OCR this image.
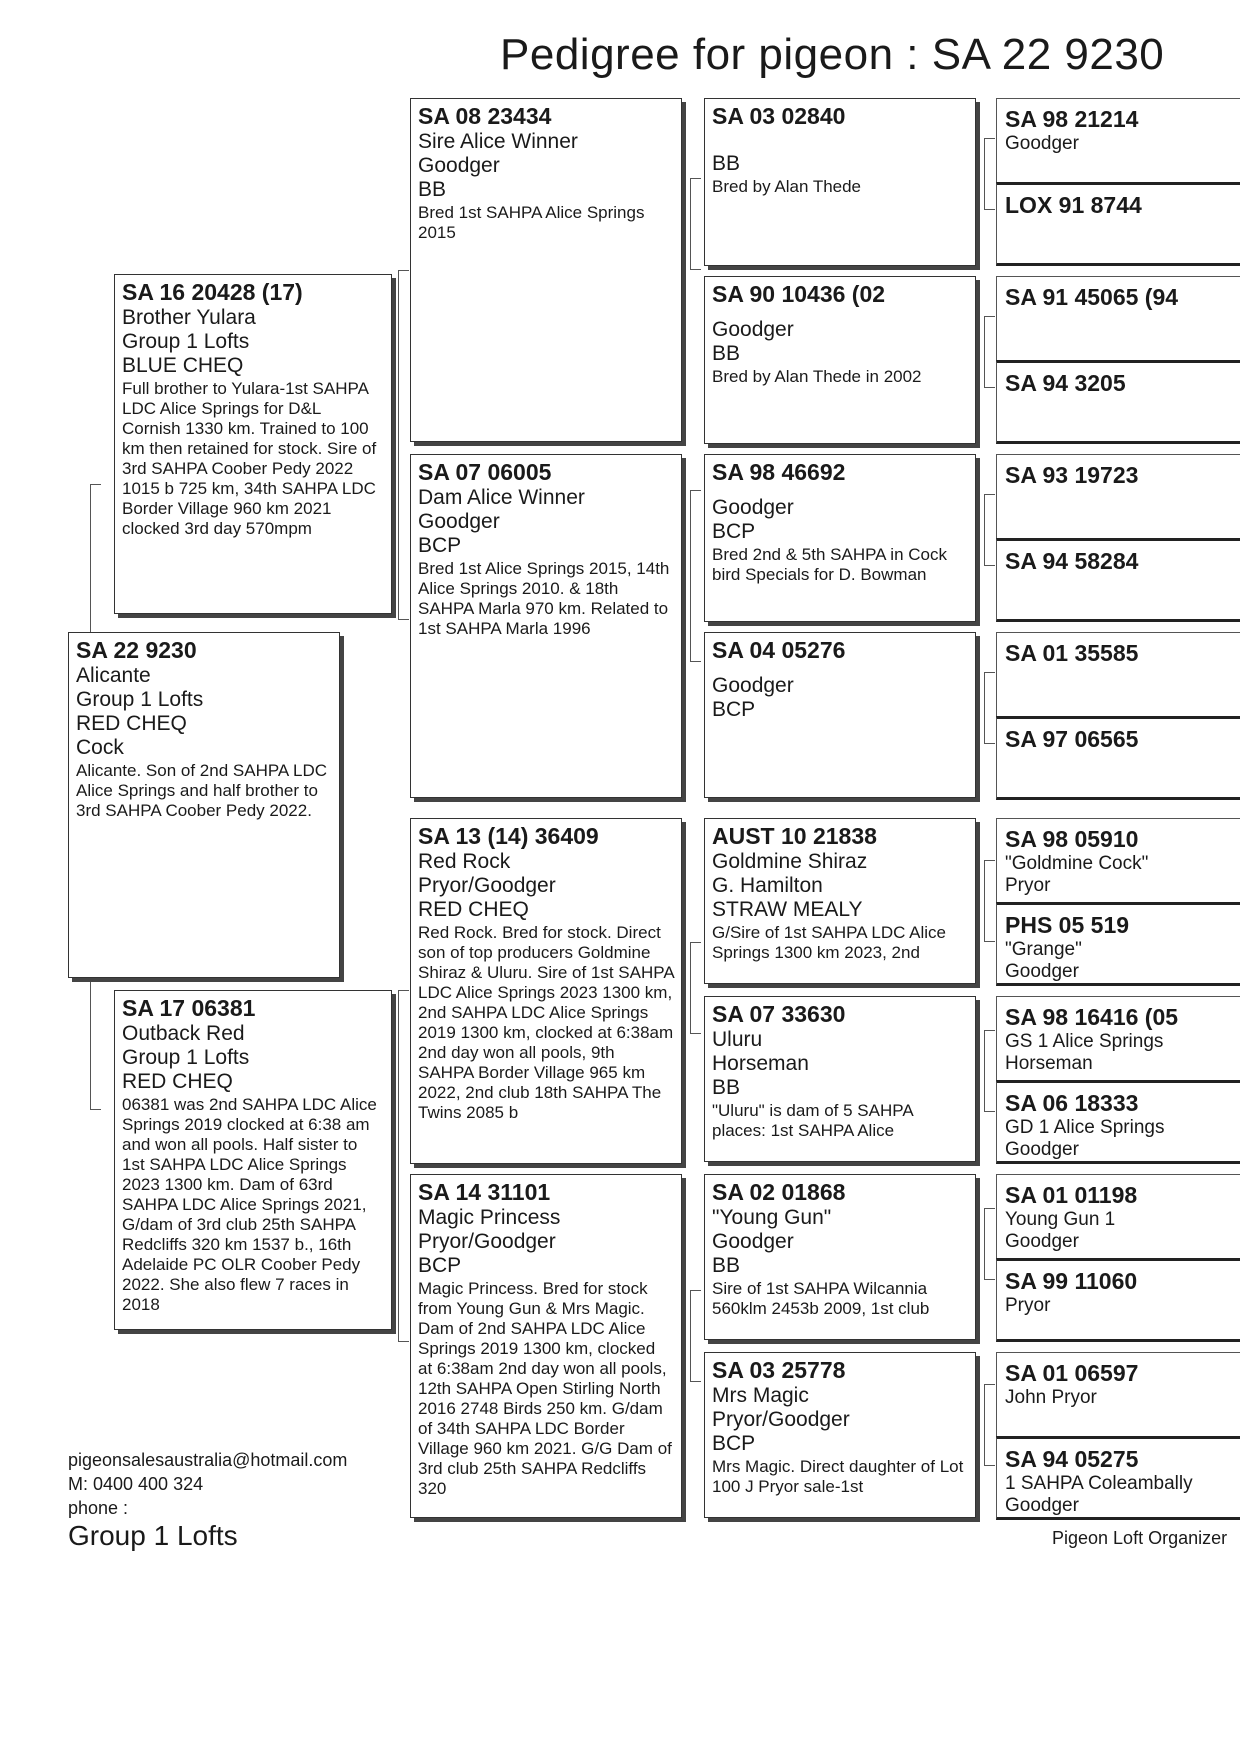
Pedigree for pigeon : SA 22 9230
SA 22 9230
Alicante
Group 1 Lofts
RED CHEQ
Cock
Alicante. Son of 2nd SAHPA LDC Alice Springs and half brother to 3rd SAHPA Coober Pedy 2022.
SA 16 20428 (17)
Brother Yulara
Group 1 Lofts
BLUE CHEQ
Full brother to Yulara-1st SAHPA LDC Alice Springs for D&L Cornish 1330 km. Trained to 100 km then retained for stock. Sire of 3rd SAHPA Coober Pedy 2022 1015 b 725 km, 34th SAHPA LDC Border Village 960 km 2021 clocked 3rd day 570mpm
SA 17 06381
Outback Red
Group 1 Lofts
RED CHEQ
06381 was 2nd SAHPA LDC Alice Springs 2019 clocked at 6:38 am and won all pools. Half sister to 1st SAHPA LDC Alice Springs 2023 1300 km. Dam of 63rd SAHPA LDC Alice Springs 2021, G/dam of 3rd club 25th SAHPA Redcliffs 320 km 1537 b., 16th Adelaide PC OLR Coober Pedy 2022. She also flew 7 races in 2018
SA 08 23434
Sire Alice Winner
Goodger
BB
Bred 1st SAHPA Alice Springs 2015
SA 07 06005
Dam Alice Winner
Goodger
BCP
Bred 1st Alice Springs 2015, 14th Alice Springs 2010. & 18th SAHPA Marla 970 km. Related to 1st SAHPA Marla 1996
SA 13 (14) 36409
Red Rock
Pryor/Goodger
RED CHEQ
Red Rock. Bred for stock. Direct son of top producers Goldmine Shiraz & Uluru. Sire of 1st SAHPA LDC Alice Springs 2023 1300 km, 2nd SAHPA LDC Alice Springs 2019 1300 km, clocked at 6:38am 2nd day won all pools, 9th SAHPA Border Village 965 km 2022, 2nd club 18th SAHPA The Twins 2085 b
SA 14 31101
Magic Princess
Pryor/Goodger
BCP
Magic Princess. Bred for stock from Young Gun & Mrs Magic. Dam of 2nd SAHPA LDC Alice Springs 2019 1300 km, clocked at 6:38am 2nd day won all pools, 12th SAHPA Open Stirling North 2016 2748 Birds 250 km. G/dam of 34th SAHPA LDC Border Village 960 km 2021. G/G Dam of 3rd club 25th SAHPA Redcliffs 320
SA 03 02840
BB
Bred by Alan Thede
SA 90 10436 (02
Goodger
BB
Bred by Alan Thede in 2002
SA 98 46692
Goodger
BCP
Bred 2nd & 5th SAHPA in Cock bird Specials for D. Bowman
SA 04 05276
Goodger
BCP
AUST 10 21838
Goldmine Shiraz
G. Hamilton
STRAW MEALY
G/Sire of 1st SAHPA LDC Alice Springs 1300 km 2023, 2nd
SA 07 33630
Uluru
Horseman
BB
"Uluru" is dam of 5 SAHPA places: 1st SAHPA Alice
SA 02 01868
"Young Gun"
Goodger
BB
Sire of 1st SAHPA Wilcannia 560klm 2453b 2009, 1st club
SA 03 25778
Mrs Magic
Pryor/Goodger
BCP
Mrs Magic. Direct daughter of Lot 100 J Pryor sale-1st
SA 98 21214
Goodger
LOX 91 8744
SA 91 45065 (94
SA 94 3205
SA 93 19723
SA 94 58284
SA 01 35585
SA 97 06565
SA 98 05910
"Goldmine Cock"
Pryor
PHS 05 519
"Grange"
Goodger
SA 98 16416 (05
GS 1 Alice Springs
Horseman
SA 06 18333
GD 1 Alice Springs
Goodger
SA 01 01198
Young Gun 1
Goodger
SA 99 11060
Pryor
SA 01 06597
John Pryor
SA 94 05275
1 SAHPA Coleambally
Goodger
pigeonsalesaustralia@hotmail.com
M: 0400 400 324
phone :
Group 1 Lofts	Pigeon Loft Organizer
